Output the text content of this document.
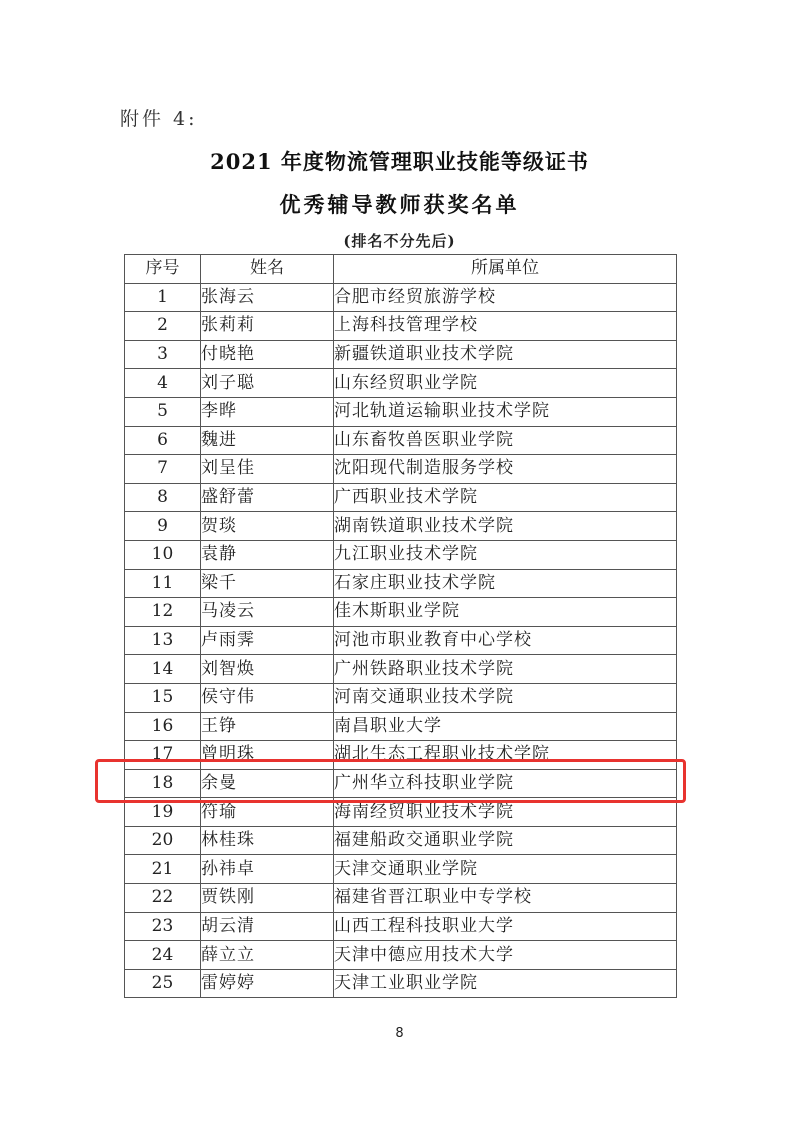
附件 4:
2021 年度物流管理职业技能等级证书
优秀辅导教师获奖名单
(排名不分先后)
序号	姓名	所属单位
1	张海云	合肥市经贸旅游学校
2	张莉莉	上海科技管理学校
3	付晓艳	新疆铁道职业技术学院
4	刘子聪	山东经贸职业学院
5	李晔	河北轨道运输职业技术学院
6	魏进	山东畜牧兽医职业学院
7	刘呈佳	沈阳现代制造服务学校
8	盛舒蕾	广西职业技术学院
9	贺琰	湖南铁道职业技术学院
10	袁静	九江职业技术学院
11	梁千	石家庄职业技术学院
12	马凌云	佳木斯职业学院
13	卢雨霁	河池市职业教育中心学校
14	刘智焕	广州铁路职业技术学院
15	侯守伟	河南交通职业技术学院
16	王铮	南昌职业大学
17	曾明珠	湖北生态工程职业技术学院
18	余曼	广州华立科技职业学院
19	符瑜	海南经贸职业技术学院
20	林桂珠	福建船政交通职业学院
21	孙祎卓	天津交通职业学院
22	贾铁刚	福建省晋江职业中专学校
23	胡云清	山西工程科技职业大学
24	薛立立	天津中德应用技术大学
25	雷婷婷	天津工业职业学院
8
